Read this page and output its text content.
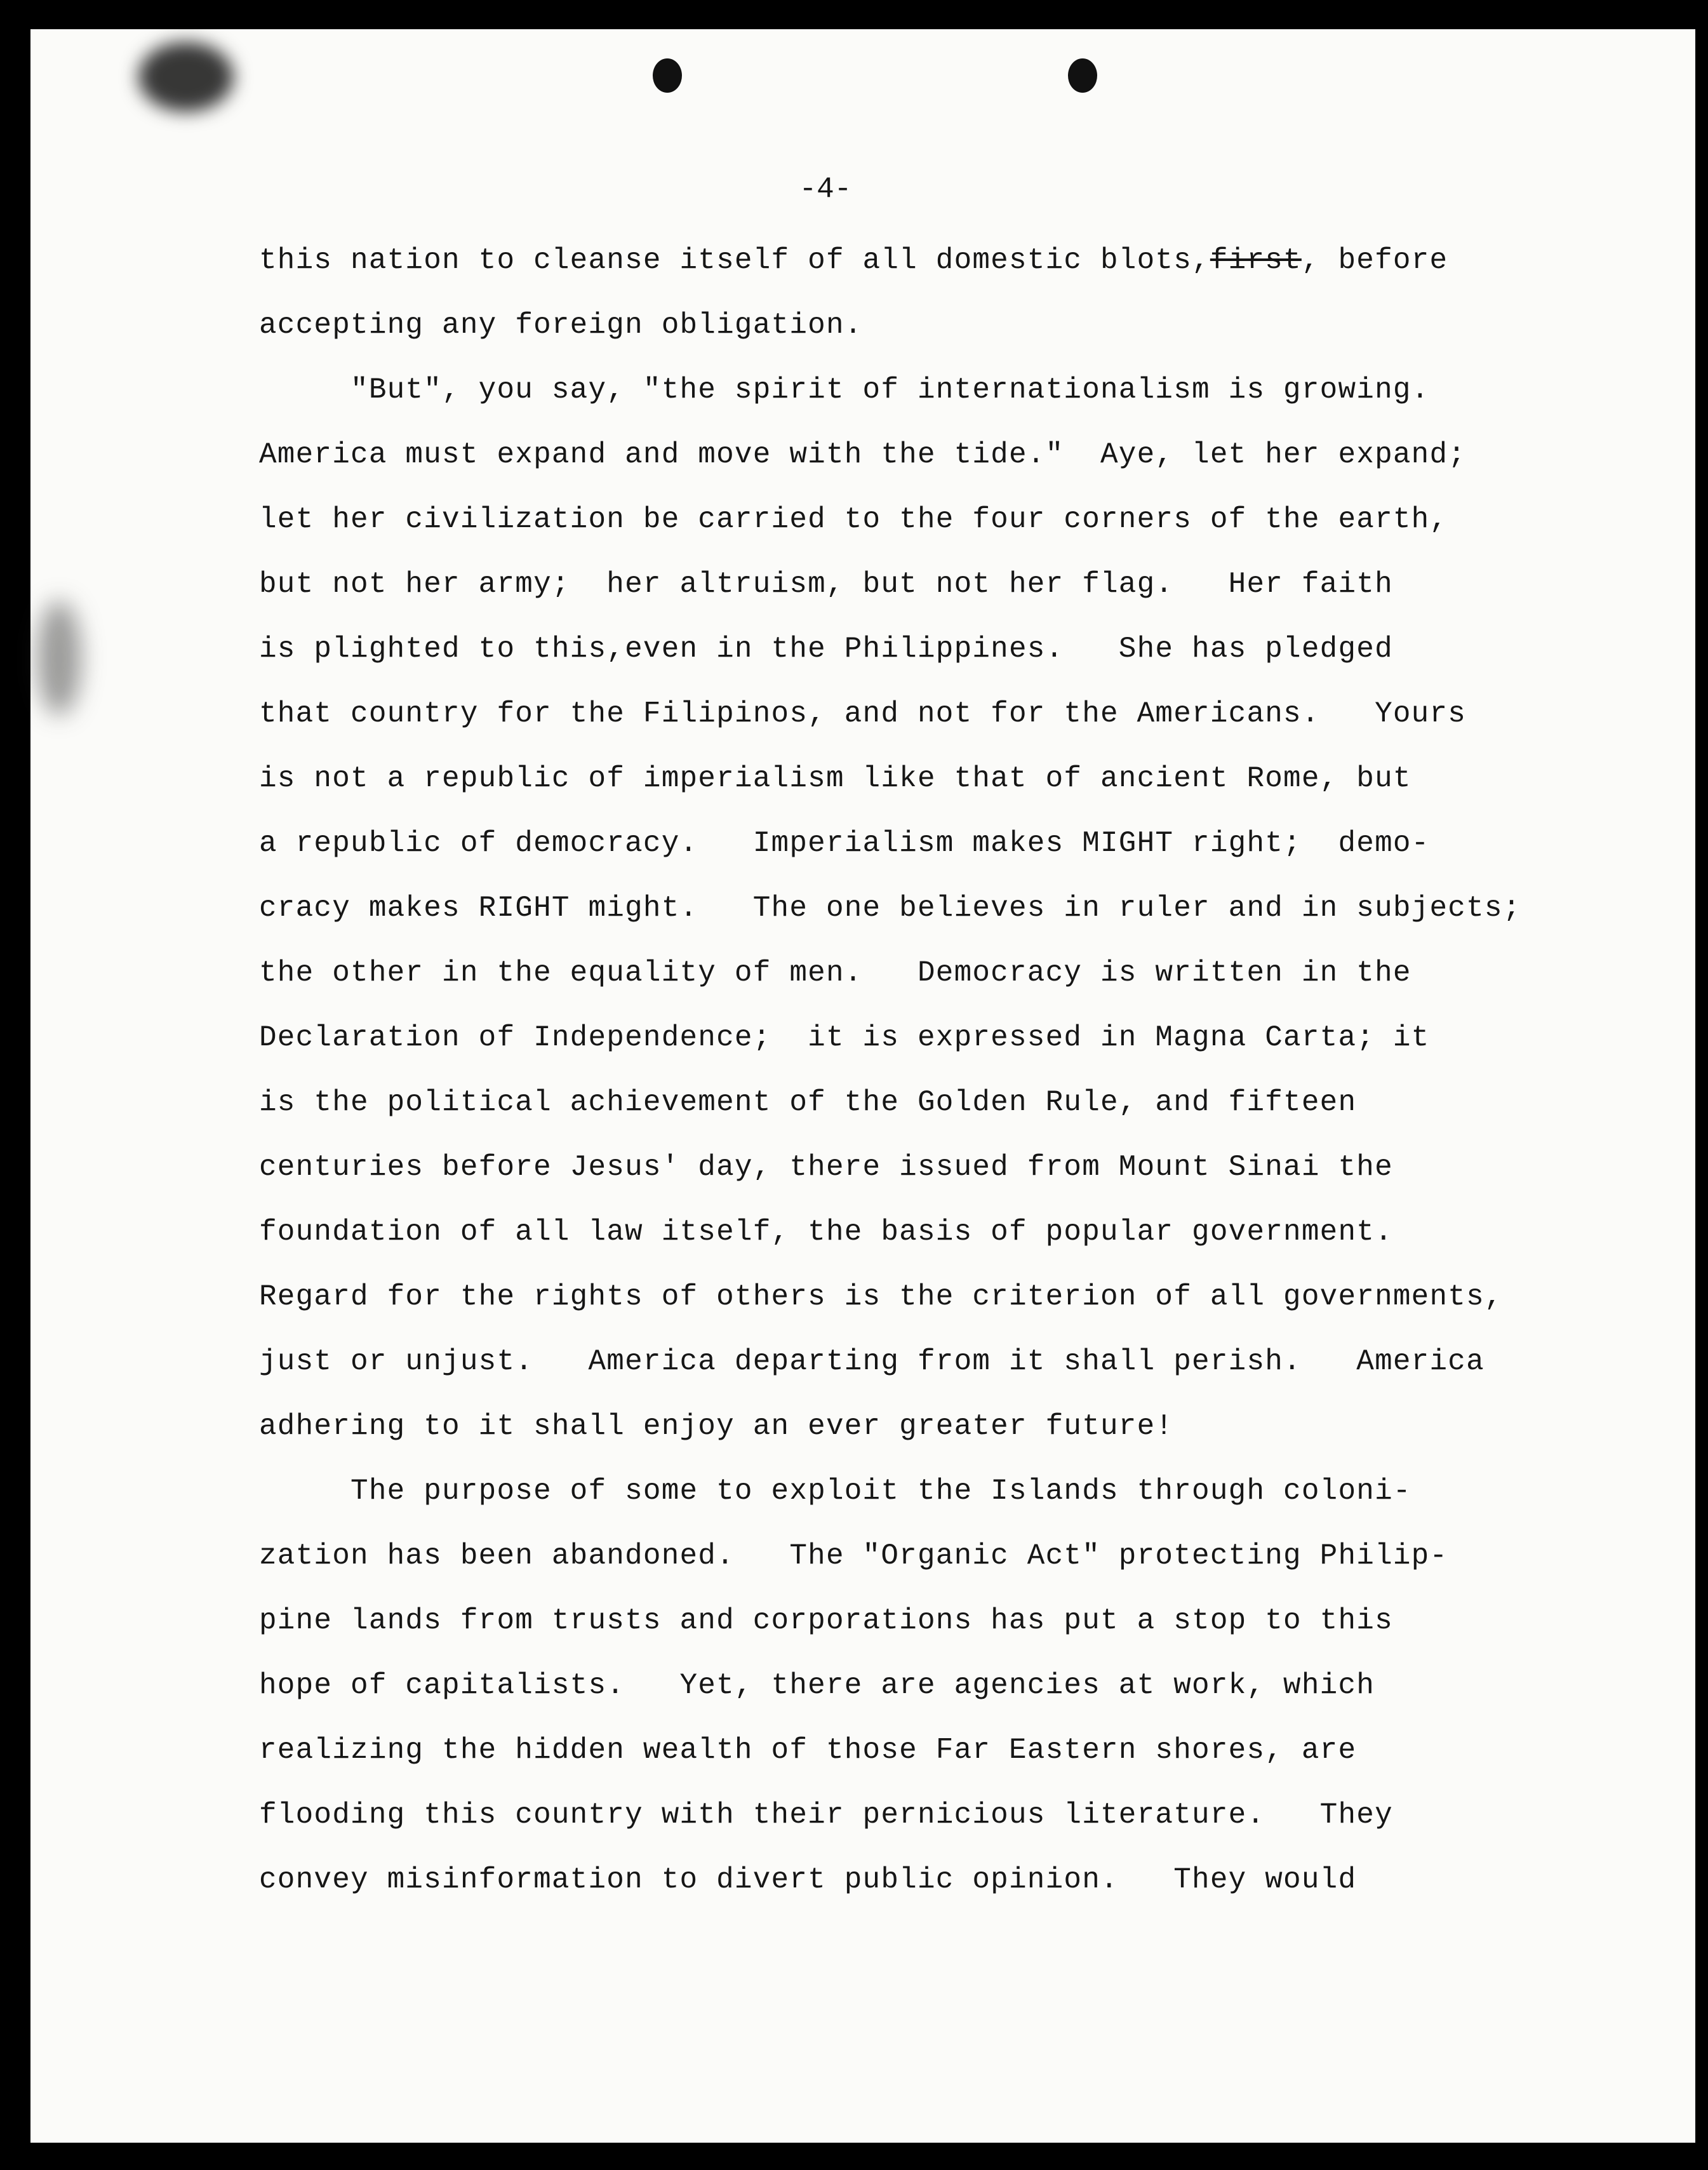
-4-
this nation to cleanse itself of all domestic blots,first, before
accepting any foreign obligation.
"But", you say, "the spirit of internationalism is growing.
America must expand and move with the tide."  Aye, let her expand;
let her civilization be carried to the four corners of the earth,
but not her army;  her altruism, but not her flag.   Her faith
is plighted to this,even in the Philippines.   She has pledged
that country for the Filipinos, and not for the Americans.   Yours
is not a republic of imperialism like that of ancient Rome, but
a republic of democracy.   Imperialism makes MIGHT right;  demo-
cracy makes RIGHT might.   The one believes in ruler and in subjects;
the other in the equality of men.   Democracy is written in the
Declaration of Independence;  it is expressed in Magna Carta; it
is the political achievement of the Golden Rule, and fifteen
centuries before Jesus' day, there issued from Mount Sinai the
foundation of all law itself, the basis of popular government.
Regard for the rights of others is the criterion of all governments,
just or unjust.   America departing from it shall perish.   America
adhering to it shall enjoy an ever greater future!
The purpose of some to exploit the Islands through coloni-
zation has been abandoned.   The "Organic Act" protecting Philip-
pine lands from trusts and corporations has put a stop to this
hope of capitalists.   Yet, there are agencies at work, which
realizing the hidden wealth of those Far Eastern shores, are
flooding this country with their pernicious literature.   They
convey misinformation to divert public opinion.   They would
